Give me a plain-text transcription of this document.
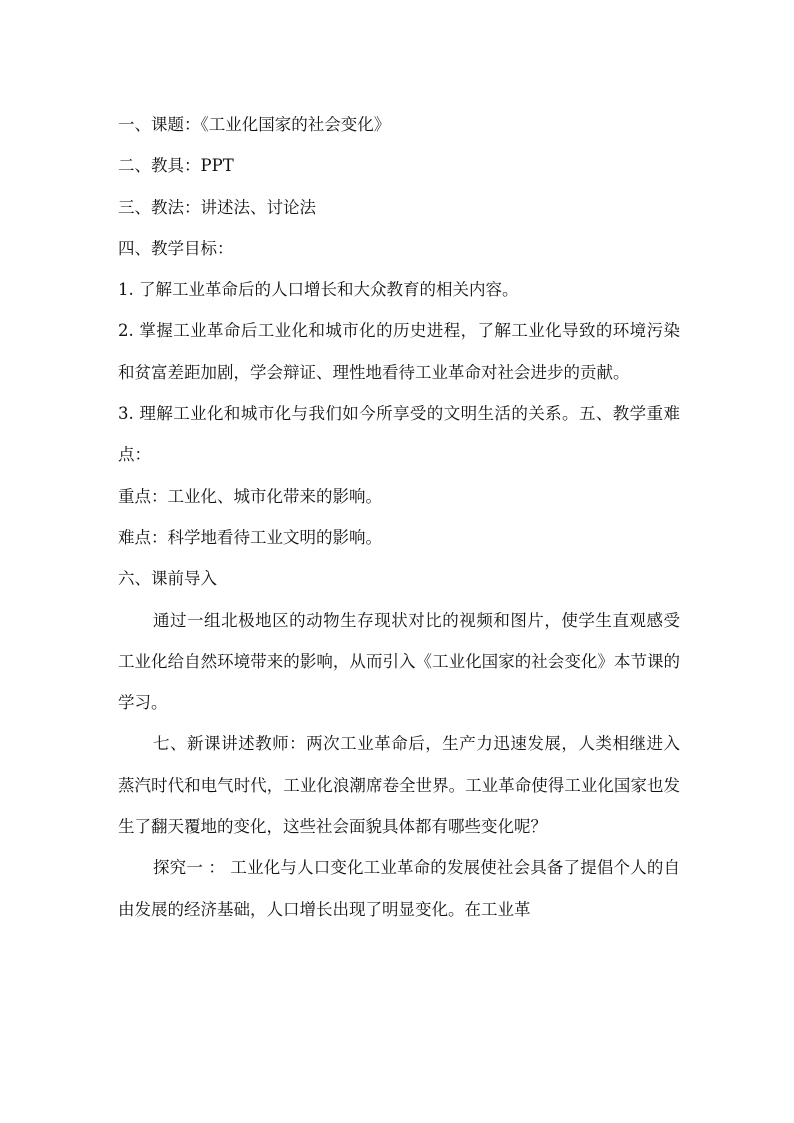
一、课题：《工业化国家的社会变化》

二、教具：PPT

三、教法：讲述法、讨论法

四、教学目标：

1. 了解工业革命后的人口增长和大众教育的相关内容。

2. 掌握工业革命后工业化和城市化的历史进程，了解工业化导致的环境污染和贫富差距加剧，学会辩证、理性地看待工业革命对社会进步的贡献。

3. 理解工业化和城市化与我们如今所享受的文明生活的关系。五、教学重难点：

重点：工业化、城市化带来的影响。

难点：科学地看待工业文明的影响。

六、课前导入

通过一组北极地区的动物生存现状对比的视频和图片，使学生直观感受工业化给自然环境带来的影响，从而引入《工业化国家的社会变化》本节课的学习。

七、新课讲述教师：两次工业革命后，生产力迅速发展，人类相继进入蒸汽时代和电气时代，工业化浪潮席卷全世界。工业革命使得工业化国家也发生了翻天覆地的变化，这些社会面貌具体都有哪些变化呢？

探究一 ： 工业化与人口变化工业革命的发展使社会具备了提倡个人的自由发展的经济基础，人口增长出现了明显变化。在工业革
